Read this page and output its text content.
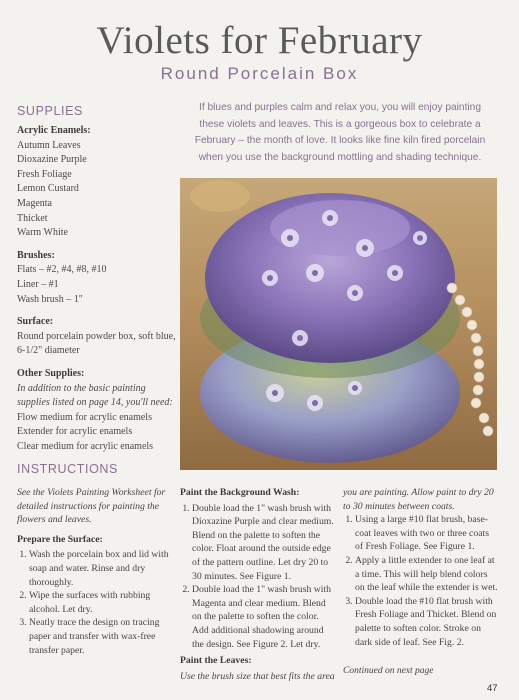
Violets for February
Round Porcelain Box
If blues and purples calm and relax you, you will enjoy painting these violets and leaves. This is a gorgeous box to celebrate a February – the month of love. It looks like fine kiln fired porcelain when you use the background mottling and shading technique.
SUPPLIES
Acrylic Enamels:
Autumn Leaves
Dioxazine Purple
Fresh Foliage
Lemon Custard
Magenta
Thicket
Warm White
Brushes:
Flats – #2, #4, #8, #10
Liner – #1
Wash brush – 1"
Surface:
Round porcelain powder box, soft blue, 6-1/2" diameter
Other Supplies:
In addition to the basic painting supplies listed on page 14, you'll need:
Flow medium for acrylic enamels
Extender for acrylic enamels
Clear medium for acrylic enamels
INSTRUCTIONS
See the Violets Painting Worksheet for detailed instructions for painting the flowers and leaves.
Prepare the Surface:
1. Wash the porcelain box and lid with soap and water. Rinse and dry thoroughly.
2. Wipe the surfaces with rubbing alcohol. Let dry.
3. Neatly trace the design on tracing paper and transfer with wax-free transfer paper.
Paint the Background Wash:
1. Double load the 1" wash brush with Dioxazine Purple and clear medium. Blend on the palette to soften the color. Float around the outside edge of the pattern outline. Let dry 20 to 30 minutes. See Figure 1.
2. Double load the 1" wash brush with Magenta and clear medium. Blend on the palette to soften the color. Add additional shadowing around the design. See Figure 2. Let dry.
Paint the Leaves:
Use the brush size that best fits the area
you are painting. Allow paint to dry 20 to 30 minutes between coats.
1. Using a large #10 flat brush, base-coat leaves with two or three coats of Fresh Foliage. See Figure 1.
2. Apply a little extender to one leaf at a time. This will help blend colors on the leaf while the extender is wet.
3. Double load the #10 flat brush with Fresh Foliage and Thicket. Blend on palette to soften color. Stroke on dark side of leaf. See Fig. 2.
Continued on next page
47
